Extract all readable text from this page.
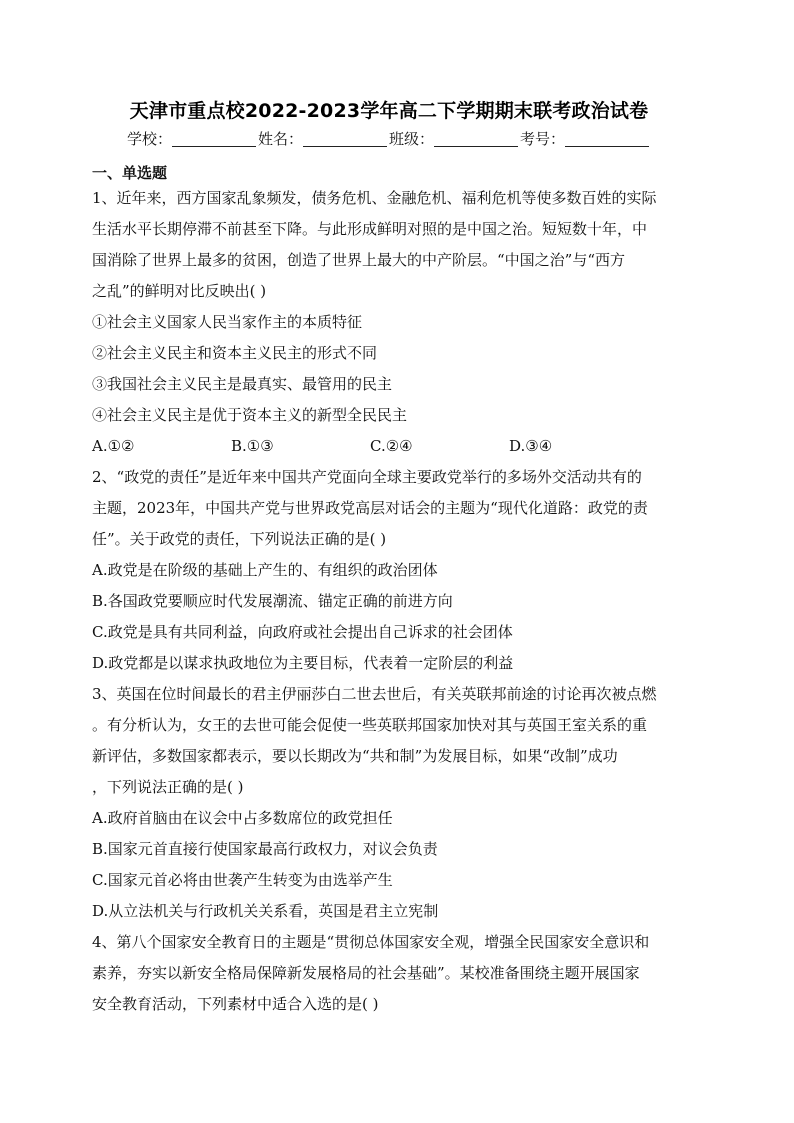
天津市重点校2022-2023学年高二下学期期末联考政治试卷
学校：	姓名：	班级：	考号：
一、单选题

1、近年来，西方国家乱象频发，债务危机、金融危机、福利危机等使多数百姓的实际

生活水平长期停滞不前甚至下降。与此形成鲜明对照的是中国之治。短短数十年，中

国消除了世界上最多的贫困，创造了世界上最大的中产阶层。“中国之治”与“西方

之乱”的鲜明对比反映出( )

①社会主义国家人民当家作主的本质特征

②社会主义民主和资本主义民主的形式不同

③我国社会主义民主是最真实、最管用的民主

④社会主义民主是优于资本主义的新型全民民主

A.①②	B.①③	C.②④	D.③④

2、“政党的责任”是近年来中国共产党面向全球主要政党举行的多场外交活动共有的

主题，2023年，中国共产党与世界政党高层对话会的主题为“现代化道路：政党的责

任”。关于政党的责任，下列说法正确的是( )

A.政党是在阶级的基础上产生的、有组织的政治团体

B.各国政党要顺应时代发展潮流、锚定正确的前进方向

C.政党是具有共同利益，向政府或社会提出自己诉求的社会团体

D.政党都是以谋求执政地位为主要目标，代表着一定阶层的利益

3、英国在位时间最长的君主伊丽莎白二世去世后，有关英联邦前途的讨论再次被点燃

。有分析认为，女王的去世可能会促使一些英联邦国家加快对其与英国王室关系的重

新评估，多数国家都表示，要以长期改为“共和制”为发展目标，如果“改制”成功

，下列说法正确的是( )

A.政府首脑由在议会中占多数席位的政党担任

B.国家元首直接行使国家最高行政权力，对议会负责

C.国家元首必将由世袭产生转变为由选举产生

D.从立法机关与行政机关关系看，英国是君主立宪制

4、第八个国家安全教育日的主题是“贯彻总体国家安全观，增强全民国家安全意识和

素养，夯实以新安全格局保障新发展格局的社会基础”。某校准备围绕主题开展国家

安全教育活动，下列素材中适合入选的是( )
